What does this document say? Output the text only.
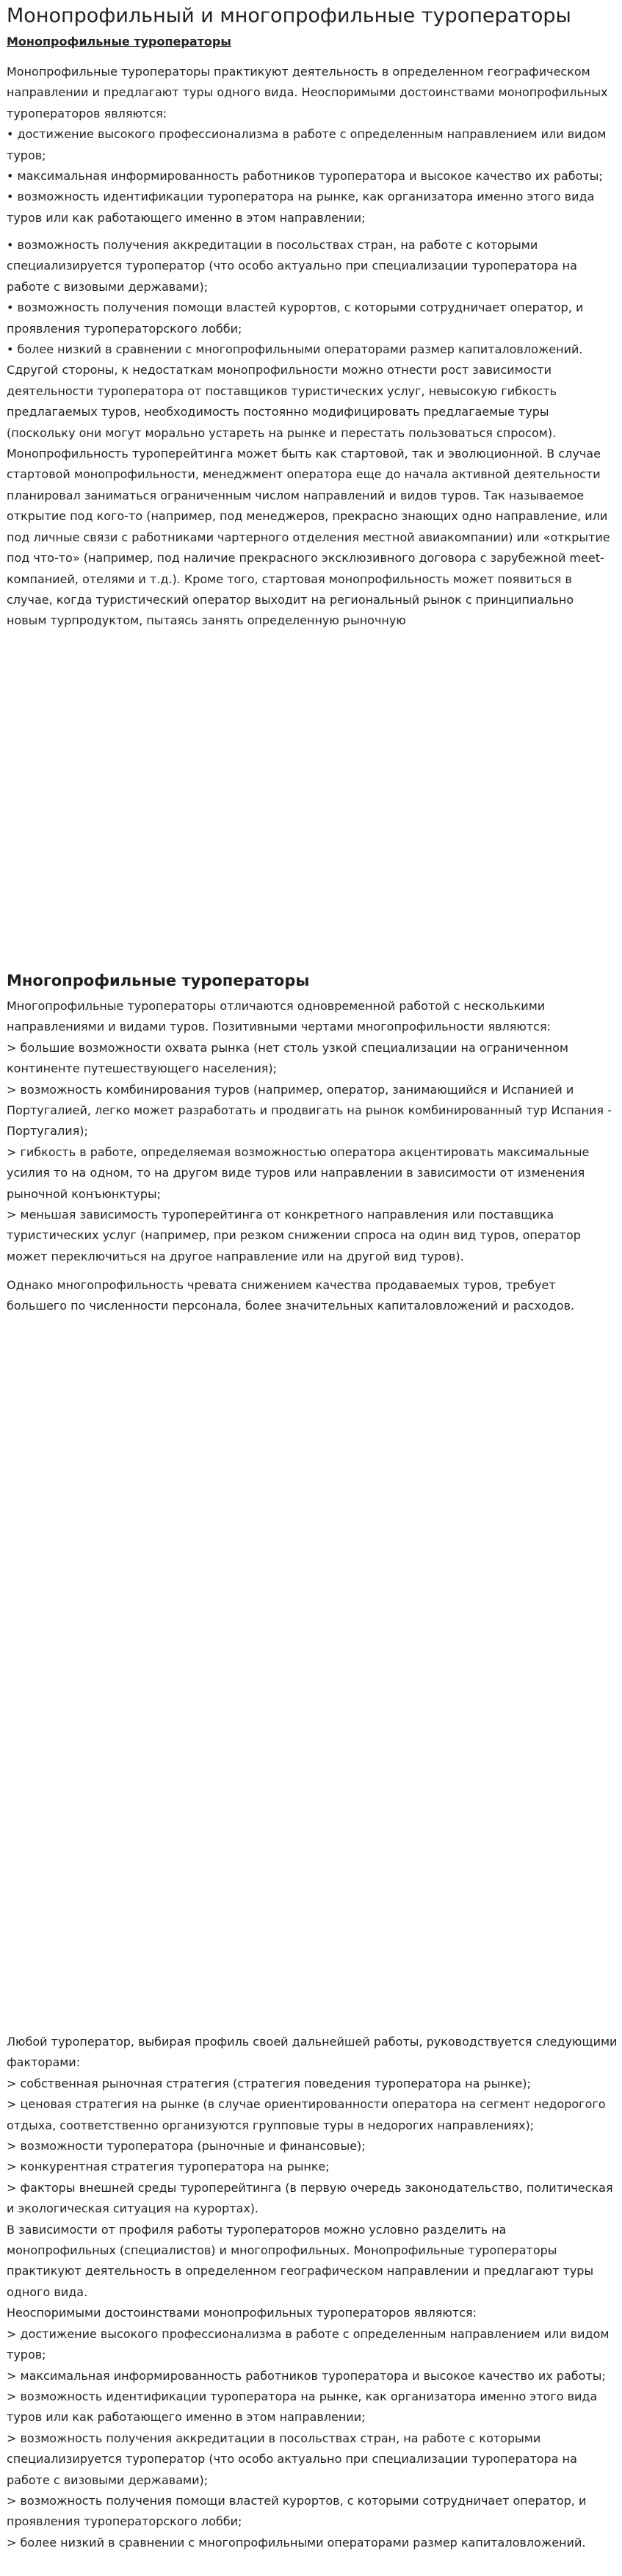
Монопрофильный и многопрофильные туроператоры
Монопрофильные туроператоры
Монопрофильные туроператоры практикуют деятельность в определенном географическом
направлении и предлагают туры одного вида. Неоспоримыми достоинствами монопрофильных
туроператоров являются:
• достижение высокого профессионализма в работе с определенным направлением или видом
туров;
• максимальная информированность работников туроператора и высокое качество их работы;
• возможность идентификации туроператора на рынке, как организатора именно этого вида
туров или как работающего именно в этом направлении;
• возможность получения аккредитации в посольствах стран, на работе с которыми
специализируется туроператор (что особо актуально при специализации туроператора на
работе с визовыми державами);
• возможность получения помощи властей курортов, с которыми сотрудничает оператор, и
проявления туроператорского лобби;
• более низкий в сравнении с многопрофильными операторами размер капиталовложений.
Сдругой стороны, к недостаткам монопрофильности можно отнести рост зависимости
деятельности туроператора от поставщиков туристических услуг, невысокую гибкость
предлагаемых туров, необходимость постоянно модифицировать предлагаемые туры
(поскольку они могут морально устареть на рынке и перестать пользоваться спросом).
Монопрофильность туроперейтинга может быть как стартовой, так и эволюционной. В случае
стартовой монопрофильности, менеджмент оператора еще до начала активной деятельности
планировал заниматься ограниченным числом направлений и видов туров. Так называемое
открытие под кого-то (например, под менеджеров, прекрасно знающих одно направление, или
под личные связи с работниками чартерного отделения местной авиакомпании) или «открытие
под что-то» (например, под наличие прекрасного эксклюзивного договора с зарубежной meet-
компанией, отелями и т.д.). Кроме того, стартовая монопрофильность может появиться в
случае, когда туристический оператор выходит на региональный рынок с принципиально
новым турпродуктом, пытаясь занять определенную рыночную
Многопрофильные туроператоры
Многопрофильные туроператоры отличаются одновременной работой с несколькими
направлениями и видами туров. Позитивными чертами многопрофильности являются:
> большие возможности охвата рынка (нет столь узкой специализации на ограниченном
континенте путешествующего населения);
> возможность комбинирования туров (например, оператор, занимающийся и Испанией и
Португалией, легко может разработать и продвигать на рынок комбинированный тур Испания -
Португалия);
> гибкость в работе, определяемая возможностью оператора акцентировать максимальные
усилия то на одном, то на другом виде туров или направлении в зависимости от изменения
рыночной конъюнктуры;
> меньшая зависимость туроперейтинга от конкретного направления или поставщика
туристических услуг (например, при резком снижении спроса на один вид туров, оператор
может переключиться на другое направление или на другой вид туров).
Однако многопрофильность чревата снижением качества продаваемых туров, требует
большего по численности персонала, более значительных капиталовложений и расходов.
Любой туроператор, выбирая профиль своей дальнейшей работы, руководствуется следующими
факторами:
> собственная рыночная стратегия (стратегия поведения туроператора на рынке);
> ценовая стратегия на рынке (в случае ориентированности оператора на сегмент недорогого
отдыха, соответственно организуются групповые туры в недорогих направлениях);
> возможности туроператора (рыночные и финансовые);
> конкурентная стратегия туроператора на рынке;
> факторы внешней среды туроперейтинга (в первую очередь законодательство, политическая
и экологическая ситуация на курортах).
В зависимости от профиля работы туроператоров можно условно разделить на
монопрофильных (специалистов) и многопрофильных. Монопрофильные туроператоры
практикуют деятельность в определенном географическом направлении и предлагают туры
одного вида.
Неоспоримыми достоинствами монопрофильных туроператоров являются:
> достижение высокого профессионализма в работе с определенным направлением или видом
туров;
> максимальная информированность работников туроператора и высокое качество их работы;
> возможность идентификации туроператора на рынке, как организатора именно этого вида
туров или как работающего именно в этом направлении;
> возможность получения аккредитации в посольствах стран, на работе с которыми
специализируется туроператор (что особо актуально при специализации туроператора на
работе с визовыми державами);
> возможность получения помощи властей курортов, с которыми сотрудничает оператор, и
проявления туроператорского лобби;
> более низкий в сравнении с многопрофильными операторами размер капиталовложений.
